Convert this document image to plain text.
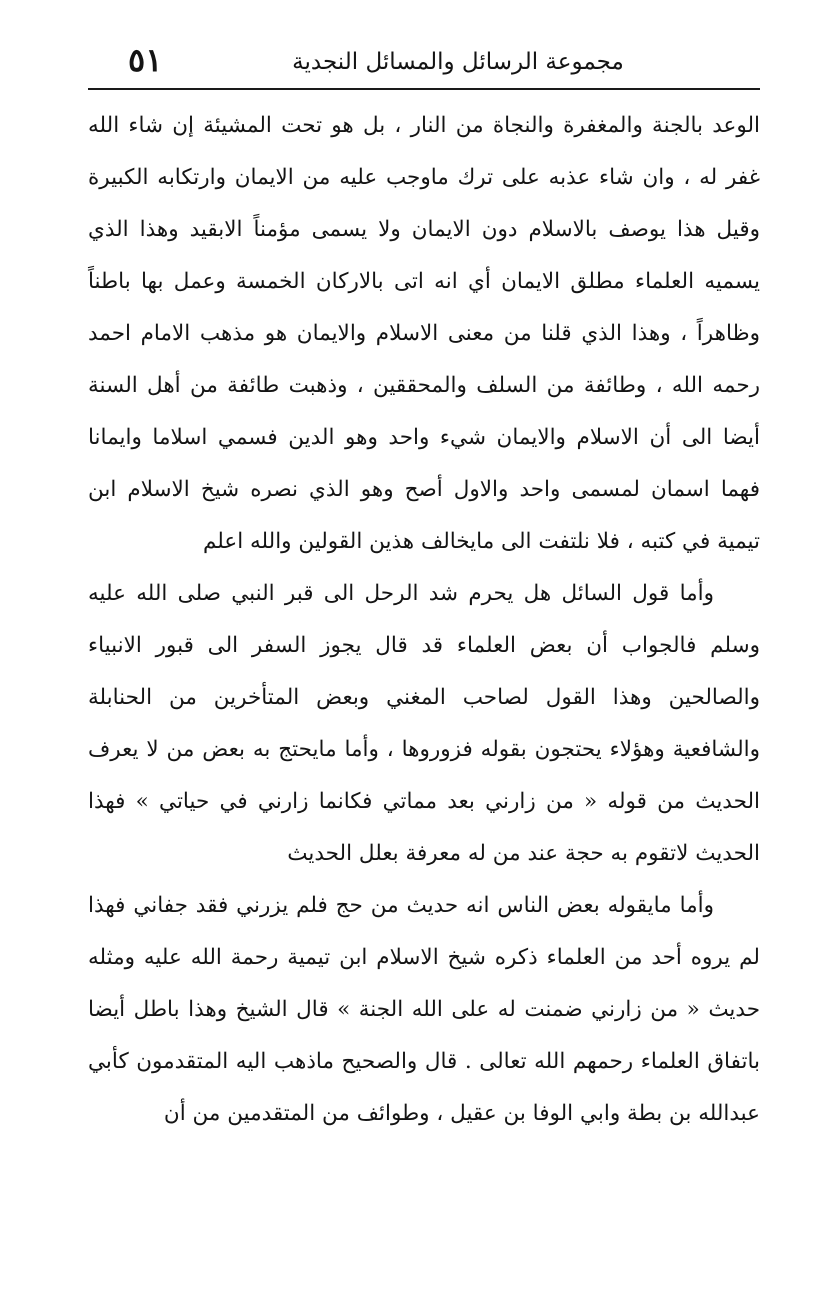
٥١	مجموعة الرسائل والمسائل النجدية

الوعد بالجنة والمغفرة والنجاة من النار ، بل هو تحت المشيئة إن شاء الله غفر له ، وان شاء عذبه على ترك ماوجب عليه من الايمان وارتكابه الكبيرة وقيل هذا يوصف بالاسلام دون الايمان ولا يسمى مؤمناً الابقيد وهذا الذي يسميه العلماء مطلق الايمان أي انه اتى بالاركان الخمسة وعمل بها باطناً وظاهراً ، وهذا الذي قلنا من معنى الاسلام والايمان هو مذهب الامام احمد رحمه الله ، وطائفة من السلف والمحققين ، وذهبت طائفة من أهل السنة أيضا الى أن الاسلام والايمان شيء واحد وهو الدين فسمي اسلاما وايمانا فهما اسمان لمسمى واحد والاول أصح وهو الذي نصره شيخ الاسلام ابن تيمية في كتبه ، فلا نلتفت الى مايخالف هذين القولين والله اعلم

وأما قول السائل هل يحرم شد الرحل الى قبر النبي صلى الله عليه وسلم فالجواب أن بعض العلماء قد قال يجوز السفر الى قبور الانبياء والصالحين وهذا القول لصاحب المغني وبعض المتأخرين من الحنابلة والشافعية وهؤلاء يحتجون بقوله فزوروها ، وأما مايحتج به بعض من لا يعرف الحديث من قوله « من زارني بعد مماتي فكانما زارني في حياتي » فهذا الحديث لاتقوم به حجة عند من له معرفة بعلل الحديث

وأما مايقوله بعض الناس انه حديث من حج فلم يزرني فقد جفاني فهذا لم يروه أحد من العلماء ذكره شيخ الاسلام ابن تيمية رحمة الله عليه ومثله حديث « من زارني ضمنت له على الله الجنة » قال الشيخ وهذا باطل أيضا باتفاق العلماء رحمهم الله تعالى . قال والصحيح ماذهب اليه المتقدمون كأبي عبدالله بن بطة وابي الوفا بن عقيل ، وطوائف من المتقدمين من أن
